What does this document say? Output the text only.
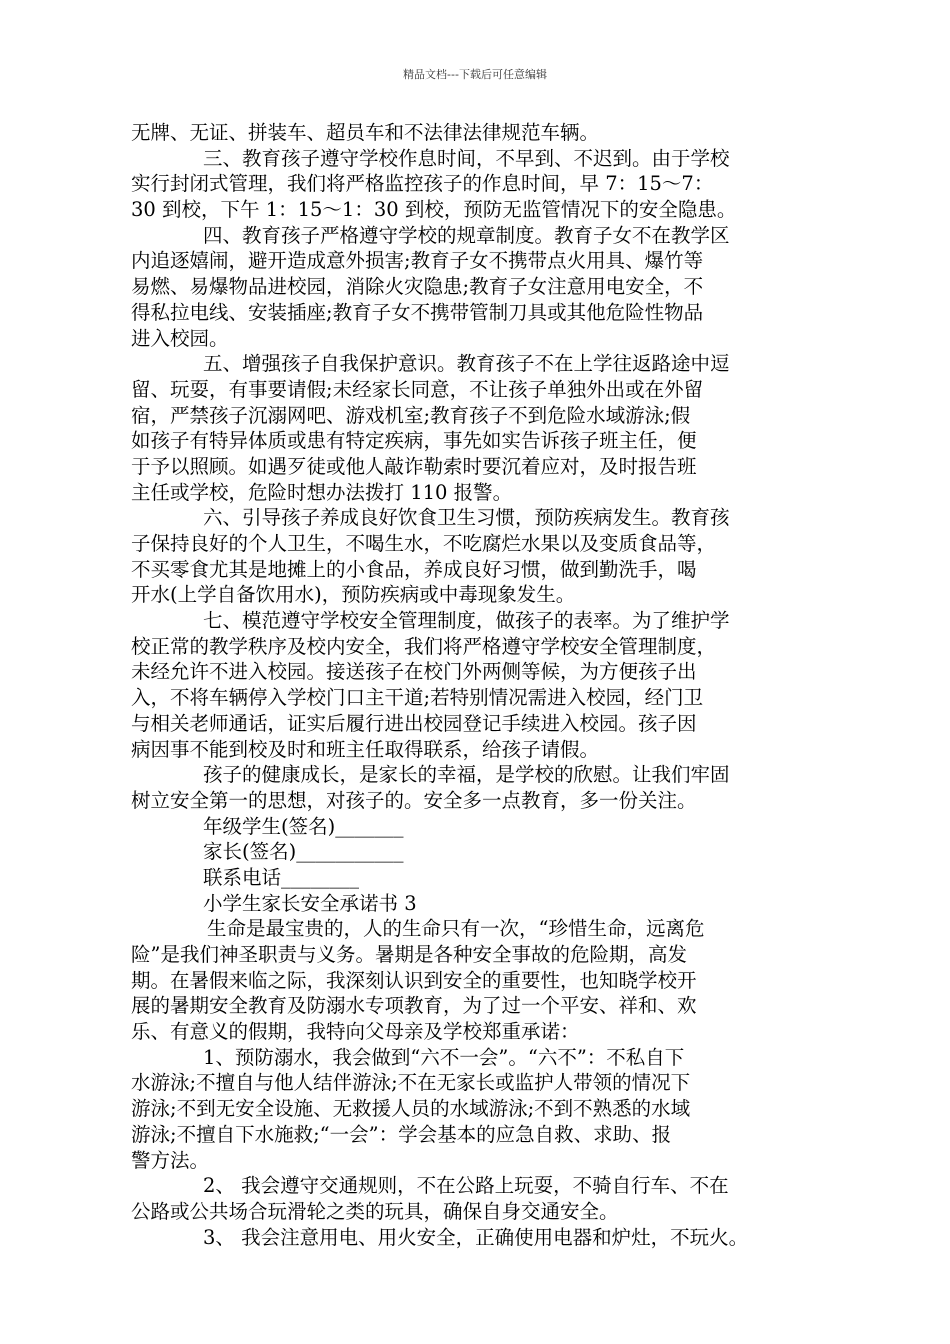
精品文档---下载后可任意编辑
无牌、无证、拼装车、超员车和不法律法律规范车辆。
三、教育孩子遵守学校作息时间，不早到、不迟到。由于学校
实行封闭式管理，我们将严格监控孩子的作息时间，早 7：15～7：
30 到校，下午 1：15～1：30 到校，预防无监管情况下的安全隐患。
四、教育孩子严格遵守学校的规章制度。教育子女不在教学区
内追逐嬉闹，避开造成意外损害;教育子女不携带点火用具、爆竹等
易燃、易爆物品进校园，消除火灾隐患;教育子女注意用电安全，不
得私拉电线、安装插座;教育子女不携带管制刀具或其他危险性物品
进入校园。
五、增强孩子自我保护意识。教育孩子不在上学往返路途中逗
留、玩耍，有事要请假;未经家长同意，不让孩子单独外出或在外留
宿，严禁孩子沉溺网吧、游戏机室;教育孩子不到危险水域游泳;假
如孩子有特异体质或患有特定疾病，事先如实告诉孩子班主任，便
于予以照顾。如遇歹徒或他人敲诈勒索时要沉着应对，及时报告班
主任或学校，危险时想办法拨打 110 报警。
六、引导孩子养成良好饮食卫生习惯，预防疾病发生。教育孩
子保持良好的个人卫生，不喝生水，不吃腐烂水果以及变质食品等，
不买零食尤其是地摊上的小食品，养成良好习惯，做到勤洗手，喝
开水(上学自备饮用水)，预防疾病或中毒现象发生。
七、模范遵守学校安全管理制度，做孩子的表率。为了维护学
校正常的教学秩序及校内安全，我们将严格遵守学校安全管理制度，
未经允许不进入校园。接送孩子在校门外两侧等候，为方便孩子出
入，不将车辆停入学校门口主干道;若特别情况需进入校园，经门卫
与相关老师通话，证实后履行进出校园登记手续进入校园。孩子因
病因事不能到校及时和班主任取得联系，给孩子请假。
孩子的健康成长，是家长的幸福，是学校的欣慰。让我们牢固
树立安全第一的思想，对孩子的。安全多一点教育，多一份关注。
年级学生(签名)_______
家长(签名)___________
联系电话________
小学生家长安全承诺书 3
生命是最宝贵的，人的生命只有一次，“珍惜生命，远离危
险”是我们神圣职责与义务。暑期是各种安全事故的危险期，高发
期。在暑假来临之际，我深刻认识到安全的重要性，也知晓学校开
展的暑期安全教育及防溺水专项教育，为了过一个平安、祥和、欢
乐、有意义的假期，我特向父母亲及学校郑重承诺：
1、预防溺水，我会做到“六不一会”。“六不”：不私自下
水游泳;不擅自与他人结伴游泳;不在无家长或监护人带领的情况下
游泳;不到无安全设施、无救援人员的水域游泳;不到不熟悉的水域
游泳;不擅自下水施救;“一会”：学会基本的应急自救、求助、报
警方法。
2、 我会遵守交通规则，不在公路上玩耍，不骑自行车、不在
公路或公共场合玩滑轮之类的玩具，确保自身交通安全。
3、 我会注意用电、用火安全，正确使用电器和炉灶，不玩火。
